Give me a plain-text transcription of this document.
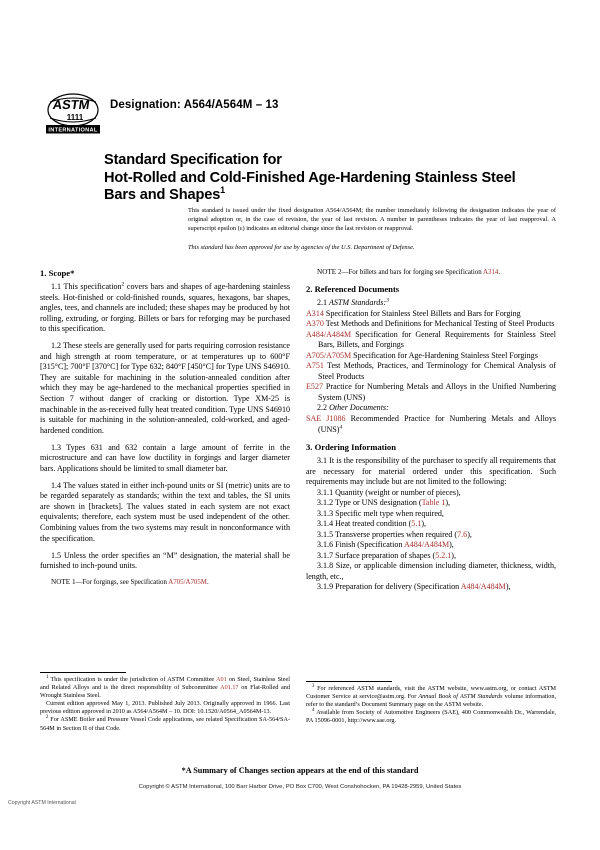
ASTM
1111
INTERNATIONAL
Designation: A564/A564M – 13
Standard Specification for
Hot-Rolled and Cold-Finished Age-Hardening Stainless Steel
Bars and Shapes$^1$
This standard is issued under the fixed designation A564/A564M; the number immediately following the designation indicates the year of original adoption or, in the case of revision, the year of last revision. A number in parentheses indicates the year of last reapproval. A superscript epsilon (ε) indicates an editorial change since the last revision or reapproval.
This standard has been approved for use by agencies of the U.S. Department of Defense.
1. Scope*

1.1 This specification$^2$ covers bars and shapes of age-hardening stainless steels. Hot-finished or cold-finished rounds, squares, hexagons, bar shapes, angles, tees, and channels are included; these shapes may be produced by hot rolling, extruding, or forging. Billets or bars for reforging may be purchased to this specification.

1.2 These steels are generally used for parts requiring corrosion resistance and high strength at room temperature, or at temperatures up to 600°F [315°C]; 700°F [370°C] for Type 632; 840°F [450°C] for Type UNS S46910. They are suitable for machining in the solution-annealed condition after which they may be age-hardened to the mechanical properties specified in Section 7 without danger of cracking or distortion. Type XM-25 is machinable in the as-received fully heat treated condition. Type UNS S46910 is suitable for machining in the solution-annealed, cold-worked, and aged-hardened condition.

1.3 Types 631 and 632 contain a large amount of ferrite in the microstructure and can have low ductility in forgings and larger diameter bars. Applications should be limited to small diameter bar.

1.4 The values stated in either inch-pound units or SI (metric) units are to be regarded separately as standards; within the text and tables, the SI units are shown in [brackets]. The values stated in each system are not exact equivalents; therefore, each system must be used independent of the other. Combining values from the two systems may result in nonconformance with the specification.

1.5 Unless the order specifies an “M” designation, the material shall be furnished to inch-pound units.

NOTE 1—For forgings, see Specification A705/A705M.

NOTE 2—For billets and bars for forging see Specification A314.

2. Referenced Documents

2.1 ASTM Standards:$^3$

A314 Specification for Stainless Steel Billets and Bars for Forging

A370 Test Methods and Definitions for Mechanical Testing of Steel Products

A484/A484M Specification for General Requirements for Stainless Steel Bars, Billets, and Forgings

A705/A705M Specification for Age-Hardening Stainless Steel Forgings

A751 Test Methods, Practices, and Terminology for Chemical Analysis of Steel Products

E527 Practice for Numbering Metals and Alloys in the Unified Numbering System (UNS)

2.2 Other Documents:

SAE J1086 Recommended Practice for Numbering Metals and Alloys (UNS)$^4$

3. Ordering Information

3.1 It is the responsibility of the purchaser to specify all requirements that are necessary for material ordered under this specification. Such requirements may include but are not limited to the following:

3.1.1 Quantity (weight or number of pieces),

3.1.2 Type or UNS designation (Table 1),

3.1.3 Specific melt type when required,

3.1.4 Heat treated condition (5.1),

3.1.5 Transverse properties when required (7.6),

3.1.6 Finish (Specification A484/A484M),

3.1.7 Surface preparation of shapes (5.2.1),

3.1.8 Size, or applicable dimension including diameter, thickness, width, length, etc.,

3.1.9 Preparation for delivery (Specification A484/A484M),

$^1$ This specification is under the jurisdiction of ASTM Committee A01 on Steel, Stainless Steel and Related Alloys and is the direct responsibility of Subcommittee A01.17 on Flat-Rolled and Wrought Stainless Steel.

Current edition approved May 1, 2013. Published July 2013. Originally approved in 1966. Last previous edition approved in 2010 as A564/A564M – 10. DOI: 10.1520/A0564_A0564M-13.

$^2$ For ASME Boiler and Pressure Vessel Code applications, see related Specification SA-564/SA-564M in Section II of that Code.

$^3$ For referenced ASTM standards, visit the ASTM website, www.astm.org, or contact ASTM Customer Service at service@astm.org. For Annual Book of ASTM Standards volume information, refer to the standard’s Document Summary page on the ASTM website.

$^4$ Available from Society of Automotive Engineers (SAE), 400 Commonwealth Dr., Warrendale, PA 15096-0001, http://www.sae.org.

*A Summary of Changes section appears at the end of this standard
Copyright © ASTM International, 100 Barr Harbor Drive, PO Box C700, West Conshohocken, PA 19428-2959, United States
Copyright ASTM International
